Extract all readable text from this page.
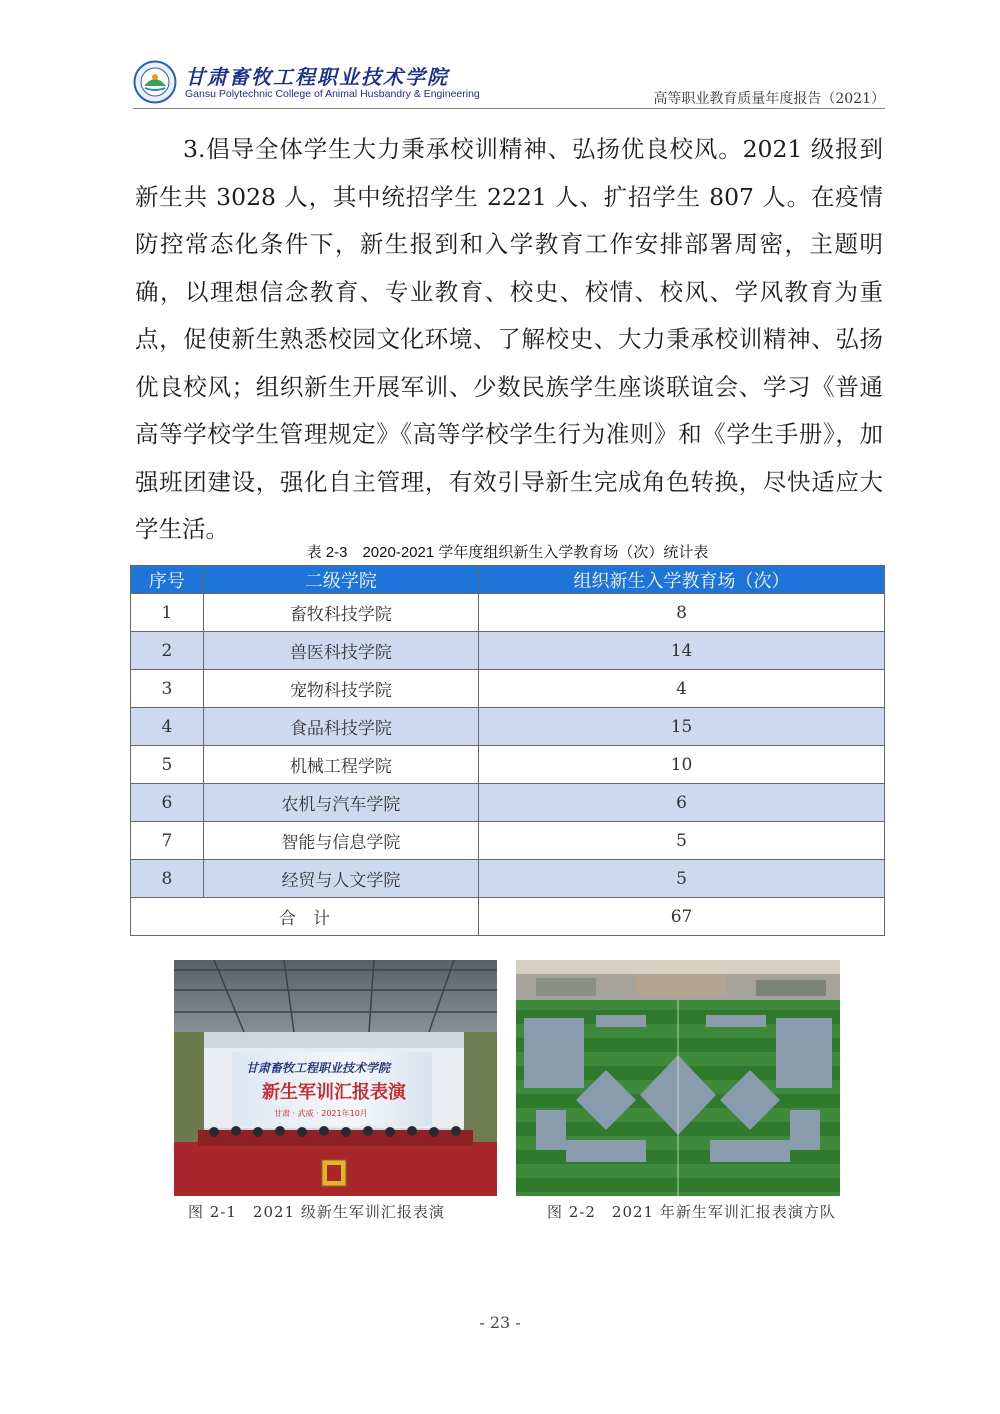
甘肃畜牧工程职业技术学院
Gansu Polytechnic College of Animal Husbandry & Engineering	高等职业教育质量年度报告（2021）
3.倡导全体学生大力秉承校训精神、弘扬优良校风。2021 级报到新生共 3028 人，其中统招学生 2221 人、扩招学生 807 人。在疫情防控常态化条件下，新生报到和入学教育工作安排部署周密，主题明确，以理想信念教育、专业教育、校史、校情、校风、学风教育为重点，促使新生熟悉校园文化环境、了解校史、大力秉承校训精神、弘扬优良校风；组织新生开展军训、少数民族学生座谈联谊会、学习《普通高等学校学生管理规定》《高等学校学生行为准则》和《学生手册》，加强班团建设，强化自主管理，有效引导新生完成角色转换，尽快适应大学生活。
表 2-3　2020-2021 学年度组织新生入学教育场（次）统计表
序号	二级学院	组织新生入学教育场（次）
1	畜牧科技学院	8
2	兽医科技学院	14
3	宠物科技学院	4
4	食品科技学院	15
5	机械工程学院	10
6	农机与汽车学院	6
7	智能与信息学院	5
8	经贸与人文学院	5
合　计		67
甘肃畜牧工程职业技术学院
新生军训汇报表演
甘肃 · 武威 · 2021年10月
图 2-1　2021 级新生军训汇报表演	图 2-2　2021 年新生军训汇报表演方队
- 23 -
